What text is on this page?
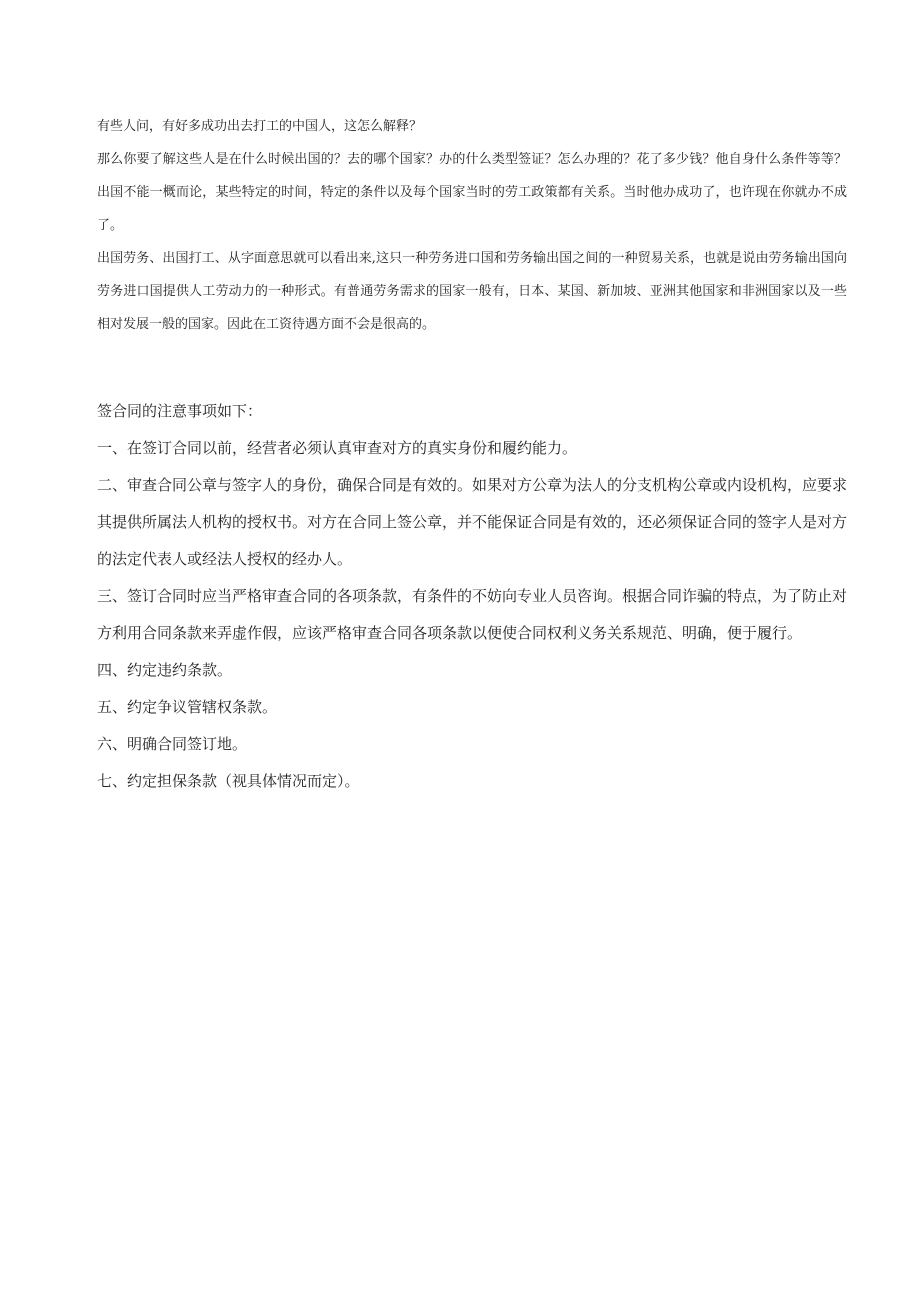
有些人问，有好多成功出去打工的中国人，这怎么解释？

那么你要了解这些人是在什么时候出国的？去的哪个国家？办的什么类型签证？怎么办理的？花了多少钱？他自身什么条件等等？出国不能一概而论，某些特定的时间，特定的条件以及每个国家当时的劳工政策都有关系。当时他办成功了，也许现在你就办不成了。

出国劳务、出国打工、从字面意思就可以看出来,这只一种劳务进口国和劳务输出国之间的一种贸易关系，也就是说由劳务输出国向劳务进口国提供人工劳动力的一种形式。有普通劳务需求的国家一般有，日本、某国、新加坡、亚洲其他国家和非洲国家以及一些相对发展一般的国家。因此在工资待遇方面不会是很高的。

签合同的注意事项如下：

一、在签订合同以前，经营者必须认真审查对方的真实身份和履约能力。

二、审查合同公章与签字人的身份，确保合同是有效的。如果对方公章为法人的分支机构公章或内设机构，应要求其提供所属法人机构的授权书。对方在合同上签公章，并不能保证合同是有效的，还必须保证合同的签字人是对方的法定代表人或经法人授权的经办人。

三、签订合同时应当严格审查合同的各项条款，有条件的不妨向专业人员咨询。根据合同诈骗的特点，为了防止对方利用合同条款来弄虚作假，应该严格审查合同各项条款以便使合同权利义务关系规范、明确，便于履行。

四、约定违约条款。

五、约定争议管辖权条款。

六、明确合同签订地。

七、约定担保条款（视具体情况而定）。
